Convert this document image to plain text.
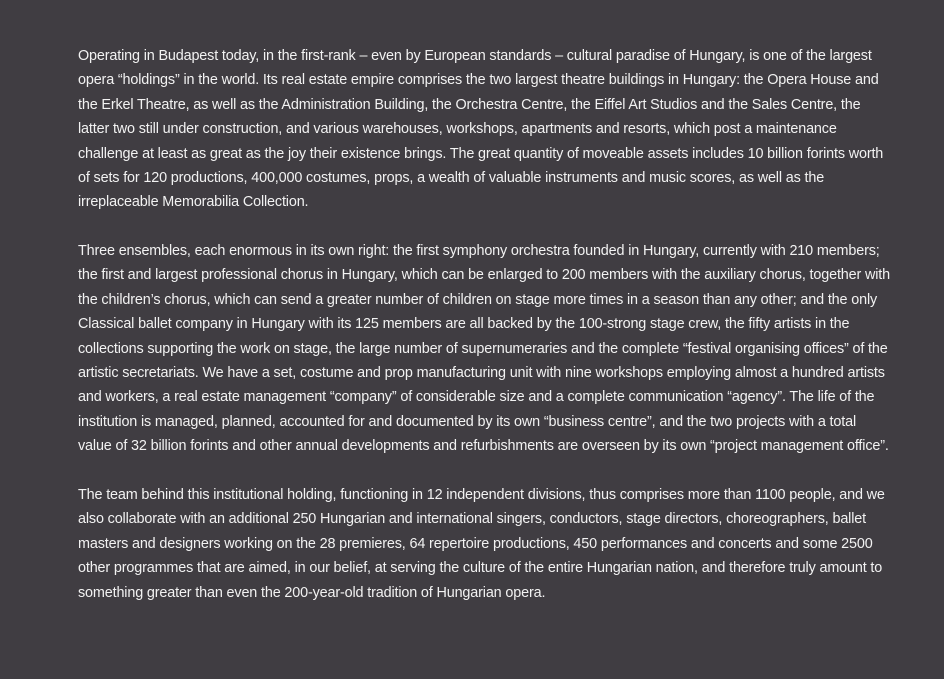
Operating in Budapest today, in the first-rank – even by European standards – cultural paradise of Hungary, is one of the largest opera “holdings” in the world. Its real estate empire comprises the two largest theatre buildings in Hungary: the Opera House and the Erkel Theatre, as well as the Administration Building, the Orchestra Centre, the Eiffel Art Studios and the Sales Centre, the latter two still under construction, and various warehouses, workshops, apartments and resorts, which post a maintenance challenge at least as great as the joy their existence brings. The great quantity of moveable assets includes 10 billion forints worth of sets for 120 productions, 400,000 costumes, props, a wealth of valuable instruments and music scores, as well as the irreplaceable Memorabilia Collection.

Three ensembles, each enormous in its own right: the first symphony orchestra founded in Hungary, currently with 210 members; the first and largest professional chorus in Hungary, which can be enlarged to 200 members with the auxiliary chorus, together with the children’s chorus, which can send a greater number of children on stage more times in a season than any other; and the only Classical ballet company in Hungary with its 125 members are all backed by the 100-strong stage crew, the fifty artists in the collections supporting the work on stage, the large number of supernumeraries and the complete “festival organising offices” of the artistic secretariats. We have a set, costume and prop manufacturing unit with nine workshops employing almost a hundred artists and workers, a real estate management “company” of considerable size and a complete communication “agency”. The life of the institution is managed, planned, accounted for and documented by its own “business centre”, and the two projects with a total value of 32 billion forints and other annual developments and refurbishments are overseen by its own “project management office”.

The team behind this institutional holding, functioning in 12 independent divisions, thus comprises more than 1100 people, and we also collaborate with an additional 250 Hungarian and international singers, conductors, stage directors, choreographers, ballet masters and designers working on the 28 premieres, 64 repertoire productions, 450 performances and concerts and some 2500 other programmes that are aimed, in our belief, at serving the culture of the entire Hungarian nation, and therefore truly amount to something greater than even the 200-year-old tradition of Hungarian opera.
